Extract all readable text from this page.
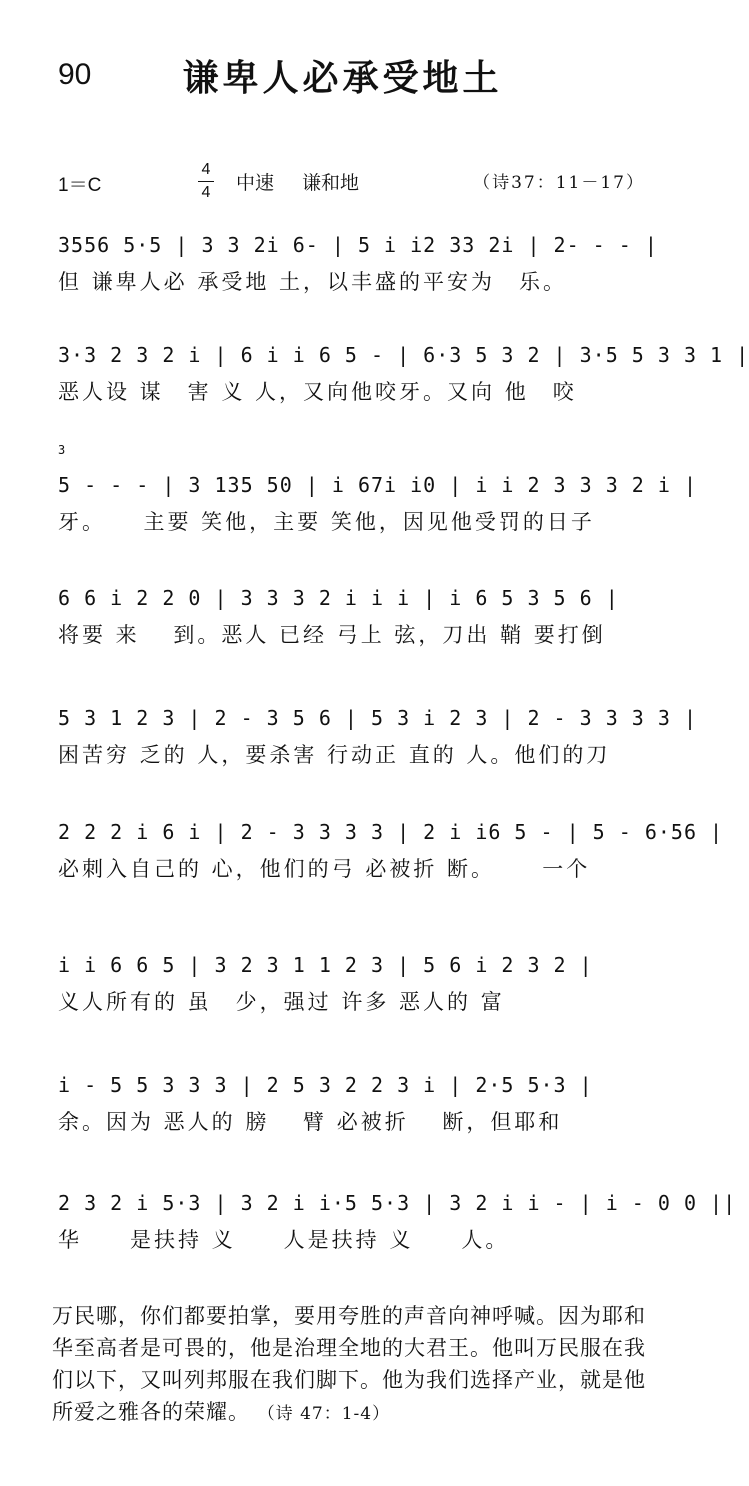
90	谦卑人必承受地土
1＝C
4
4 中速 谦和地	（诗37：11－17）
3556 5·5 | 3 3 2i 6- | 5 i i2 33 2i | 2- - - |
但 谦卑人必 承受地 土，以丰盛的平安为　乐。
3·3 2 3 2 i | 6 i i 6 5 - | 6·3 5 3 2 | 3·5 5 3 3 1 |
恶人设 谋　害 义 人，又向他咬牙。又向 他　咬
3
5 - - - | 3 135 50 | i 67i i0 | i i 2 3 3 3 2 i |
牙。　　主要 笑他，主要 笑他，因见他受罚的日子
6 6 i 2 2 0 | 3 3 3 2 i i i | i 6 5 3 5 6 |
将要 来　 到。恶人 已经 弓上 弦，刀出 鞘 要打倒
5 3 1 2 3 | 2 - 3 5 6 | 5 3 i 2 3 | 2 - 3 3 3 3 |
困苦穷 乏的 人，要杀害 行动正 直的 人。他们的刀
2 2 2 i 6 i | 2 - 3 3 3 3 | 2 i i6 5 - | 5 - 6·56 |
必刺入自己的 心，他们的弓 必被折 断。　　 一个
i i 6 6 5 | 3 2 3 1 1 2 3 | 5 6 i 2 3 2 |
义人所有的 虽　少，强过 许多 恶人的 富
i - 5 5 3 3 3 | 2 5 3 2 2 3 i | 2·5 5·3 |
余。因为 恶人的 膀　 臂 必被折　 断，但耶和
2 3 2 i 5·3 | 3 2 i i·5 5·3 | 3 2 i i - | i - 0 0 ||
华　　是扶持 义　　人是扶持 义　　人。
万民哪，你们都要拍掌，要用夸胜的声音向神呼喊。因为耶和华至高者是可畏的，他是治理全地的大君王。他叫万民服在我们以下，又叫列邦服在我们脚下。他为我们选择产业，就是他所爱之雅各的荣耀。 （诗 47：1-4）
